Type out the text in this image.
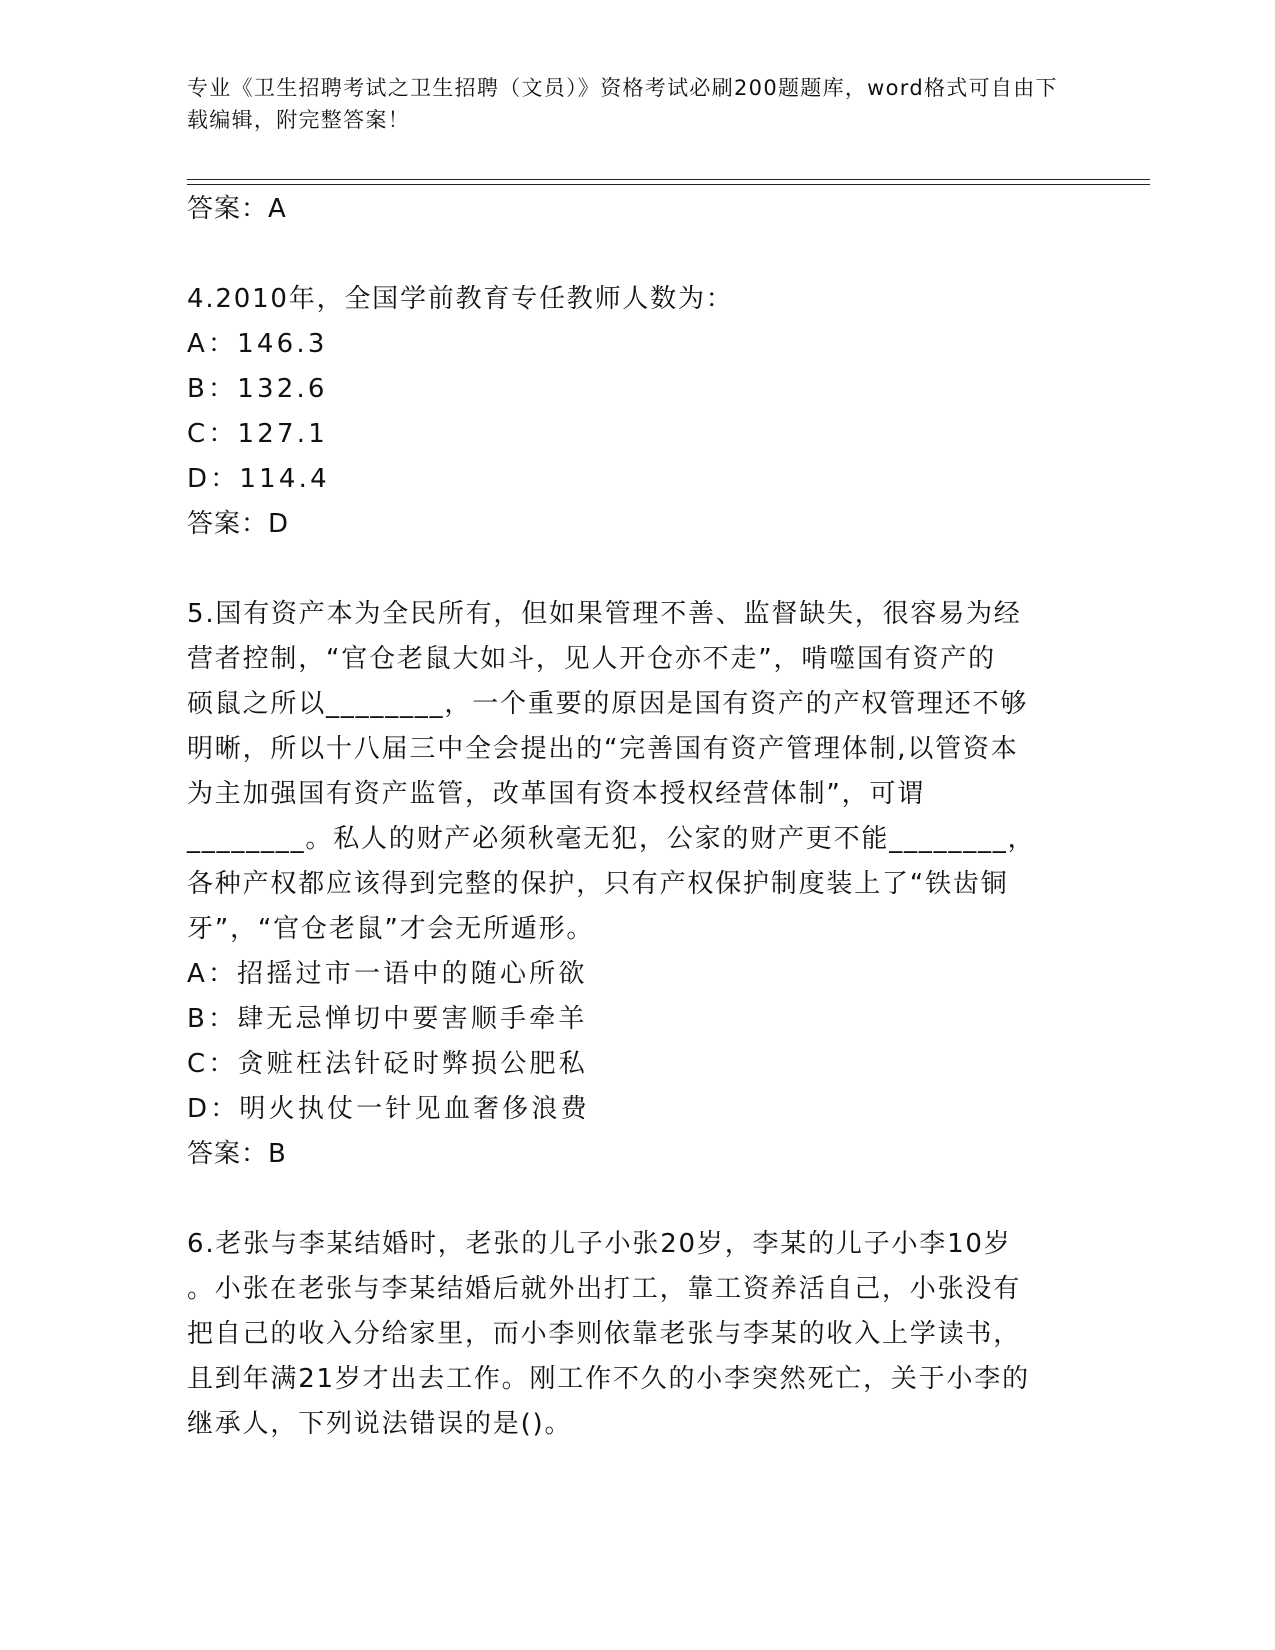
专业《卫生招聘考试之卫生招聘（文员）》资格考试必刷200题题库，word格式可自由下载编辑，附完整答案！
答案：A
4.2010年，全国学前教育专任教师人数为：
A：146.3
B：132.6
C：127.1
D：114.4
答案：D
5.国有资产本为全民所有，但如果管理不善、监督缺失，很容易为经
营者控制，“官仓老鼠大如斗，见人开仓亦不走”，啃噬国有资产的
硕鼠之所以________，一个重要的原因是国有资产的产权管理还不够
明晰，所以十八届三中全会提出的“完善国有资产管理体制,以管资本
为主加强国有资产监管，改革国有资本授权经营体制”，可谓
________。私人的财产必须秋毫无犯，公家的财产更不能________，
各种产权都应该得到完整的保护，只有产权保护制度装上了“铁齿铜
牙”，“官仓老鼠”才会无所遁形。
A：招摇过市一语中的随心所欲
B：肆无忌惮切中要害顺手牵羊
C：贪赃枉法针砭时弊损公肥私
D：明火执仗一针见血奢侈浪费
答案：B
6.老张与李某结婚时，老张的儿子小张20岁，李某的儿子小李10岁
。小张在老张与李某结婚后就外出打工，靠工资养活自己，小张没有
把自己的收入分给家里，而小李则依靠老张与李某的收入上学读书，
且到年满21岁才出去工作。刚工作不久的小李突然死亡，关于小李的
继承人，下列说法错误的是()。
